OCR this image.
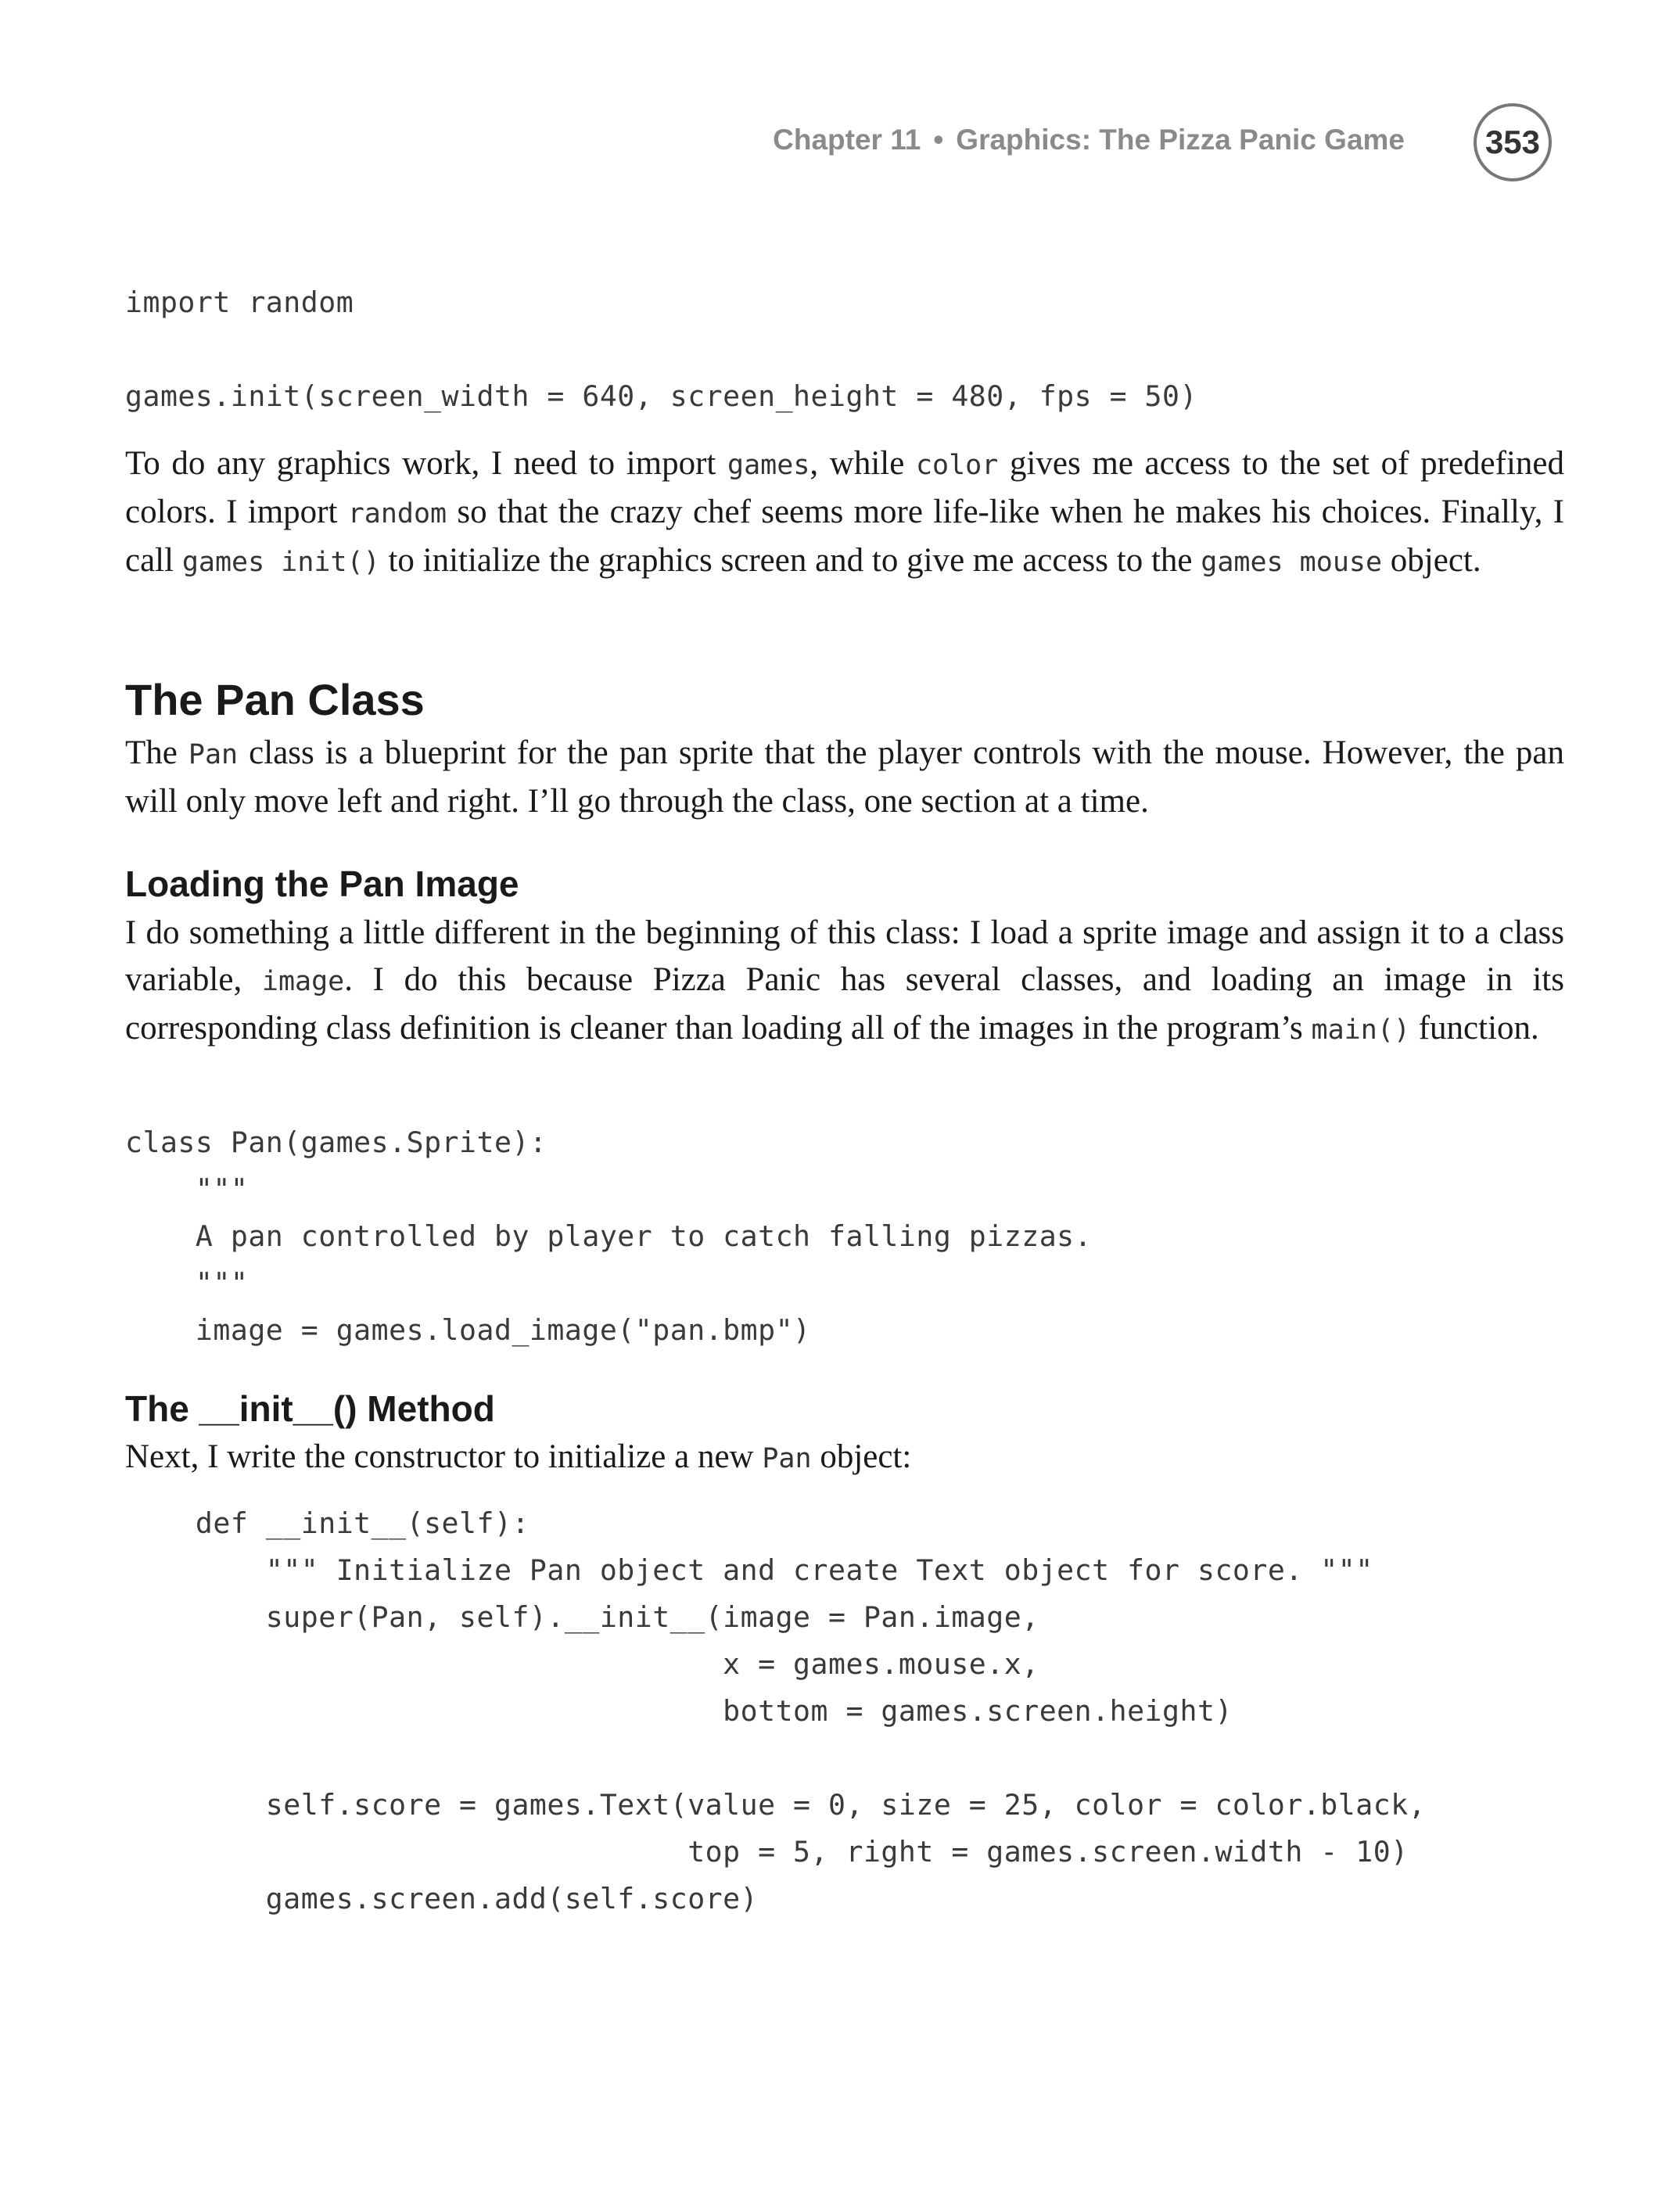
Chapter 11 • Graphics: The Pizza Panic Game	353
import random
games.init(screen_width = 640, screen_height = 480, fps = 50)

To do any graphics work, I need to import games, while color gives me access to the set of predefined colors. I import random so that the crazy chef seems more life-like when he makes his choices. Finally, I call games init() to initialize the graphics screen and to give me access to the games mouse object.

The Pan Class

The Pan class is a blueprint for the pan sprite that the player controls with the mouse. However, the pan will only move left and right. I’ll go through the class, one section at a time.

Loading the Pan Image

I do something a little different in the beginning of this class: I load a sprite image and assign it to a class variable, image. I do this because Pizza Panic has several classes, and loading an image in its corresponding class definition is cleaner than loading all of the images in the program’s main() function.

class Pan(games.Sprite):
"""
A pan controlled by player to catch falling pizzas.
"""
image = games.load_image("pan.bmp")
The __init__() Method

Next, I write the constructor to initialize a new Pan object:

def __init__(self):
""" Initialize Pan object and create Text object for score. """
super(Pan, self).__init__(image = Pan.image,
x = games.mouse.x,
bottom = games.screen.height)
self.score = games.Text(value = 0, size = 25, color = color.black,
top = 5, right = games.screen.width - 10)
games.screen.add(self.score)
